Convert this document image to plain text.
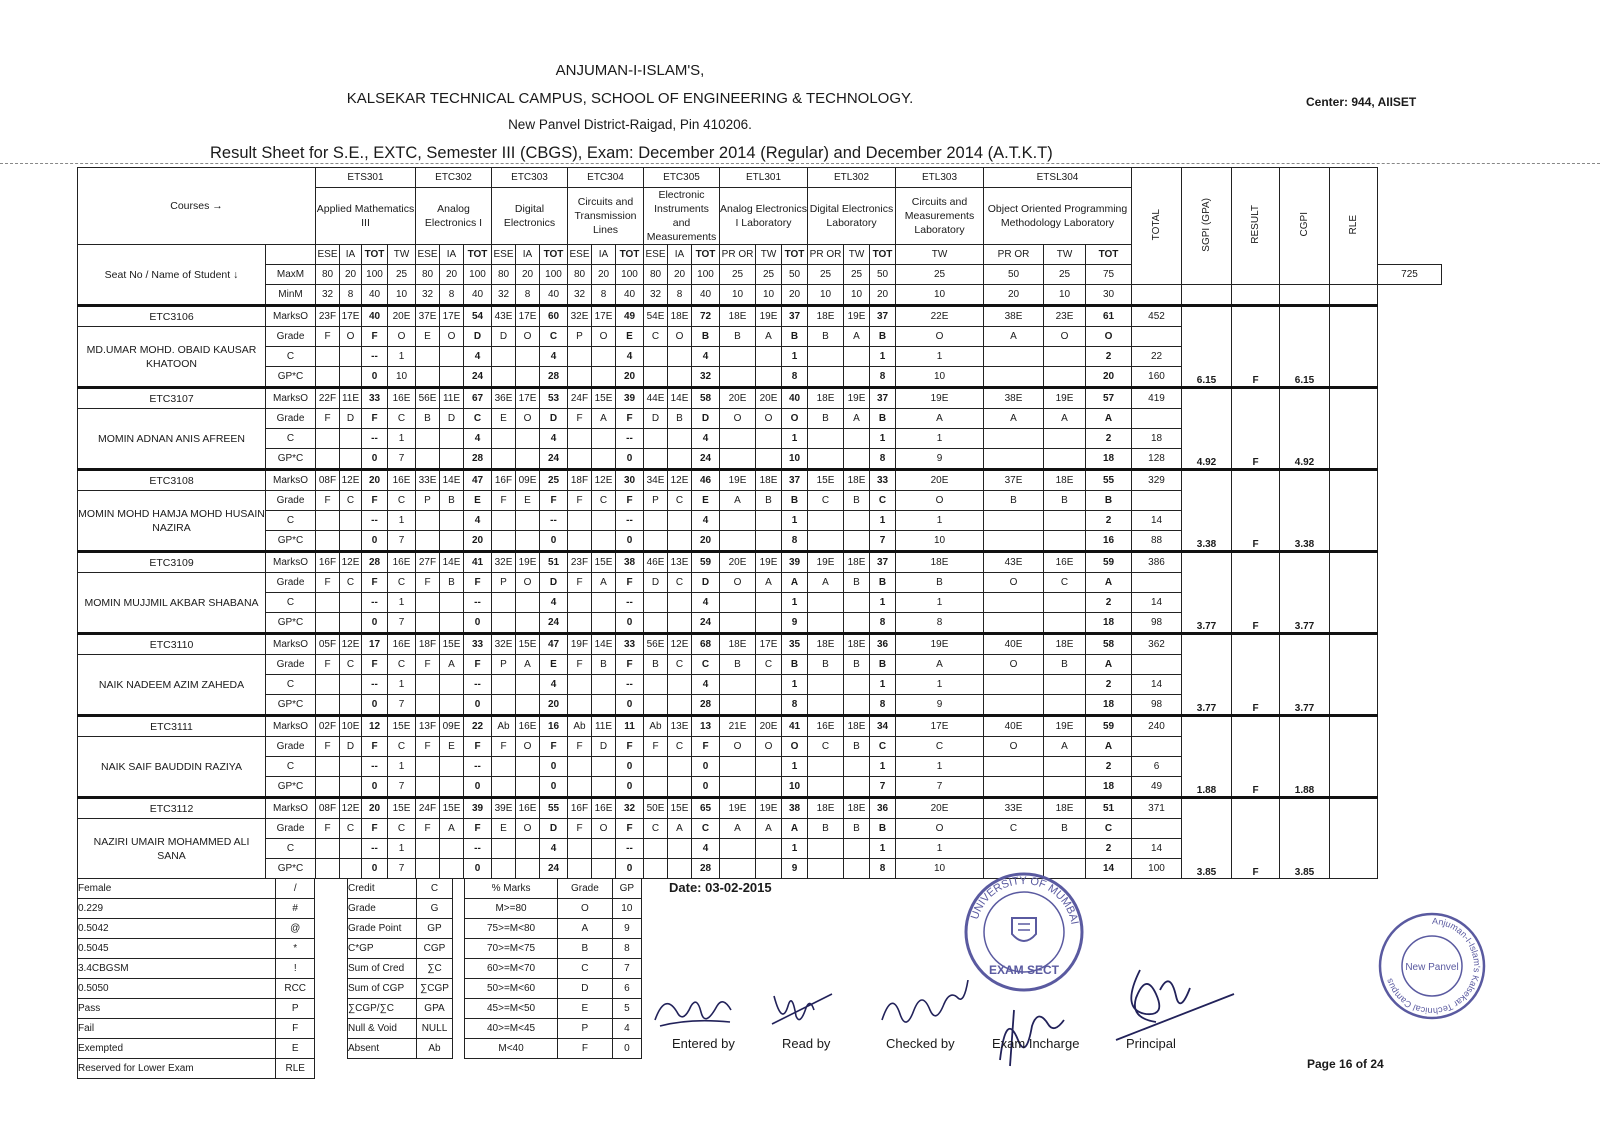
ANJUMAN-I-ISLAM'S,
KALSEKAR TECHNICAL CAMPUS, SCHOOL OF ENGINEERING & TECHNOLOGY.
New Panvel District-Raigad, Pin 410206.
Center: 944, AIISET
Result Sheet for S.E., EXTC, Semester III (CBGS), Exam: December 2014 (Regular) and December 2014 (A.T.K.T)
Courses →		ETS301				ETC302			ETC303			ETC304			ETC305			ETL301			ETL302			ETL303	ETSL304			TOTAL	SGPI (GPA)	RESULT	CGPI	RLE	
		Applied Mathematics III				Analog Electronics I			Digital Electronics			Circuits and Transmission Lines			Electronic Instruments and Measurements			Analog Electronics I Laboratory			Digital Electronics Laboratory			Circuits and Measurements Laboratory	Object Oriented Programming Methodology Laboratory								

Seat No / Name of Student ↓		ESE	IA	TOT	TW	ESE	IA	TOT	ESE	IA	TOT	ESE	IA	TOT	ESE	IA	TOT	PR OR	TW	TOT	PR OR	TW	TOT	TW	PR OR	TW	TOT						
	MaxM	80	20	100	25	80	20	100	80	20	100	80	20	100	80	20	100	25	25	50	25	25	50	25	50	25	75						725
	MinM	32	8	40	10	32	8	40	32	8	40	32	8	40	32	8	40	10	10	20	10	10	20	10	20	10	30						
ETC3106	MarksO	23F	17E	40	20E	37E	17E	54	43E	17E	60	32E	17E	49	54E	18E	72	18E	19E	37	18E	19E	37	22E	38E	23E	61	452	6.15	F	6.15		
MD.UMAR MOHD. OBAID KAUSAR KHATOON	Grade	F	O	F	O	E	O	D	D	O	C	P	O	E	C	O	B	B	A	B	B	A	B	O	A	O	O						
	C			--	1			4			4			4			4			1			1	1			2	22					
	GP*C			0	10			24			28			20			32			8			8	10			20	160					
ETC3107	MarksO	22F	11E	33	16E	56E	11E	67	36E	17E	53	24F	15E	39	44E	14E	58	20E	20E	40	18E	19E	37	19E	38E	19E	57	419	4.92	F	4.92		
MOMIN ADNAN ANIS AFREEN	Grade	F	D	F	C	B	D	C	E	O	D	F	A	F	D	B	D	O	O	O	B	A	B	A	A	A	A						
	C			--	1			4			4			--			4			1			1	1			2	18					
	GP*C			0	7			28			24			0			24			10			8	9			18	128					
ETC3108	MarksO	08F	12E	20	16E	33E	14E	47	16F	09E	25	18F	12E	30	34E	12E	46	19E	18E	37	15E	18E	33	20E	37E	18E	55	329	3.38	F	3.38		
MOMIN MOHD HAMJA MOHD HUSAIN NAZIRA	Grade	F	C	F	C	P	B	E	F	E	F	F	C	F	P	C	E	A	B	B	C	B	C	O	B	B	B						
	C			--	1			4			--			--			4			1			1	1			2	14					
	GP*C			0	7			20			0			0			20			8			7	10			16	88					
ETC3109	MarksO	16F	12E	28	16E	27F	14E	41	32E	19E	51	23F	15E	38	46E	13E	59	20E	19E	39	19E	18E	37	18E	43E	16E	59	386	3.77	F	3.77		
MOMIN MUJJMIL AKBAR SHABANA	Grade	F	C	F	C	F	B	F	P	O	D	F	A	F	D	C	D	O	A	A	A	B	B	B	O	C	A						
	C			--	1			--			4			--			4			1			1	1			2	14					
	GP*C			0	7			0			24			0			24			9			8	8			18	98					
ETC3110	MarksO	05F	12E	17	16E	18F	15E	33	32E	15E	47	19F	14E	33	56E	12E	68	18E	17E	35	18E	18E	36	19E	40E	18E	58	362	3.77	F	3.77		
NAIK NADEEM AZIM ZAHEDA	Grade	F	C	F	C	F	A	F	P	A	E	F	B	F	B	C	C	B	C	B	B	B	B	A	O	B	A						
	C			--	1			--			4			--			4			1			1	1			2	14					
	GP*C			0	7			0			20			0			28			8			8	9			18	98					
ETC3111	MarksO	02F	10E	12	15E	13F	09E	22	Ab	16E	16	Ab	11E	11	Ab	13E	13	21E	20E	41	16E	18E	34	17E	40E	19E	59	240	1.88	F	1.88		
NAIK SAIF BAUDDIN RAZIYA	Grade	F	D	F	C	F	E	F	F	O	F	F	D	F	F	C	F	O	O	O	C	B	C	C	O	A	A						
	C			--	1			--			0			0			0			1			1	1			2	6					
	GP*C			0	7			0			0			0			0			10			7	7			18	49					
ETC3112	MarksO	08F	12E	20	15E	24F	15E	39	39E	16E	55	16F	16E	32	50E	15E	65	19E	19E	38	18E	18E	36	20E	33E	18E	51	371	3.85	F	3.85		
NAZIRI UMAIR MOHAMMED ALI SANA	Grade	F	C	F	C	F	A	F	E	O	D	F	O	F	C	A	C	A	A	A	B	B	B	O	C	B	C						
	C			--	1			--			4			--			4			1			1	1			2	14					
	GP*C			0	7			0			24			0			28			9			8	10			14	100					
Female	/
0.229	#
0.5042	@
0.5045	*
3.4CBGSM	!
0.5050	RCC
Pass	P
Fail	F
Exempted	E
Reserved for Lower Exam	RLE
Credit	C
Grade	G
Grade Point	GP
C*GP	CGP
Sum of Cred	∑C
Sum of CGP	∑CGP
∑CGP/∑C	GPA
Null & Void	NULL
Absent	Ab
% Marks	Grade	GP
M>=80	O	10
75>=M<80	A	9
70>=M<75	B	8
60>=M<70	C	7
50>=M<60	D	6
45>=M<50	E	5
40>=M<45	P	4
M<40	F	0
Date: 03-02-2015
UNIVERSITY OF MUMBAI
EXAM SECT
Anjuman-I-Islam's Kalsekar Technical Campus
New Panvel
Entered by	Read by	Checked by	Exam Incharge	Principal
Page 16 of 24
